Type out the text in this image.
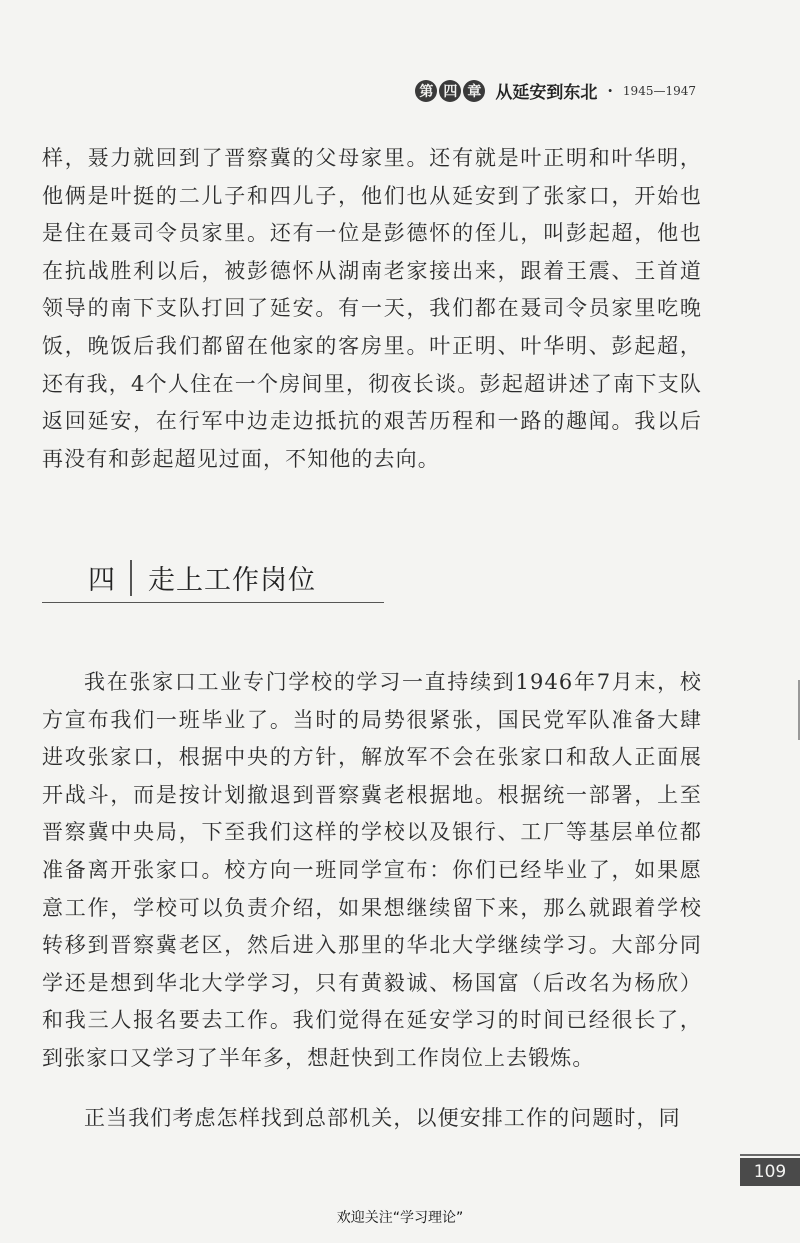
第 四 章 从延安到东北 · 1945—1947

样，聂力就回到了晋察冀的父母家里。还有就是叶正明和叶华明，他俩是叶挺的二儿子和四儿子，他们也从延安到了张家口，开始也是住在聂司令员家里。还有一位是彭德怀的侄儿，叫彭起超，他也在抗战胜利以后，被彭德怀从湖南老家接出来，跟着王震、王首道领导的南下支队打回了延安。有一天，我们都在聂司令员家里吃晚饭，晚饭后我们都留在他家的客房里。叶正明、叶华明、彭起超，还有我，4个人住在一个房间里，彻夜长谈。彭起超讲述了南下支队返回延安，在行军中边走边抵抗的艰苦历程和一路的趣闻。我以后再没有和彭起超见过面，不知他的去向。

四 走上工作岗位

我在张家口工业专门学校的学习一直持续到1946年7月末，校方宣布我们一班毕业了。当时的局势很紧张，国民党军队准备大肆进攻张家口，根据中央的方针，解放军不会在张家口和敌人正面展开战斗，而是按计划撤退到晋察冀老根据地。根据统一部署，上至晋察冀中央局，下至我们这样的学校以及银行、工厂等基层单位都准备离开张家口。校方向一班同学宣布：你们已经毕业了，如果愿意工作，学校可以负责介绍，如果想继续留下来，那么就跟着学校转移到晋察冀老区，然后进入那里的华北大学继续学习。大部分同学还是想到华北大学学习，只有黄毅诚、杨国富（后改名为杨欣）和我三人报名要去工作。我们觉得在延安学习的时间已经很长了，到张家口又学习了半年多，想赶快到工作岗位上去锻炼。

正当我们考虑怎样找到总部机关，以便安排工作的问题时，同

109
欢迎关注“学习理论”
